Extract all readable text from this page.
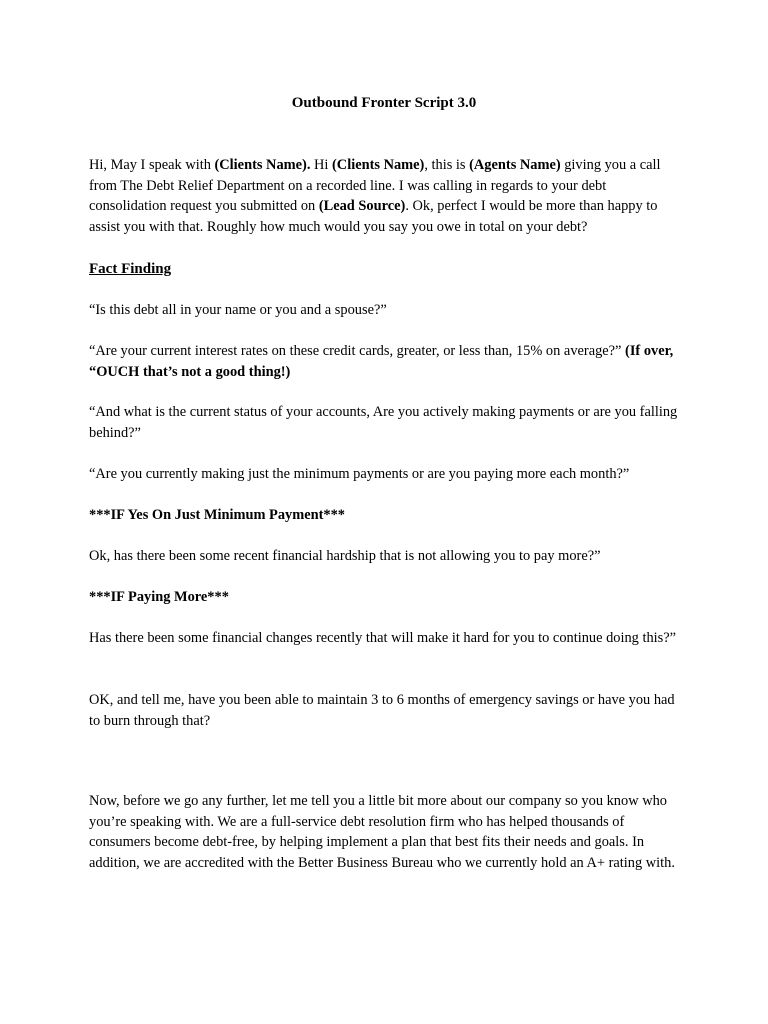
Outbound Fronter Script 3.0

Hi, May I speak with (Clients Name). Hi (Clients Name), this is (Agents Name) giving you a call from The Debt Relief Department on a recorded line. I was calling in regards to your debt consolidation request you submitted on (Lead Source). Ok, perfect I would be more than happy to assist you with that. Roughly how much would you say you owe in total on your debt?

Fact Finding

“Is this debt all in your name or you and a spouse?”

“Are your current interest rates on these credit cards, greater, or less than, 15% on average?” (If over, “OUCH that’s not a good thing!)

“And what is the current status of your accounts, Are you actively making payments or are you falling behind?”

“Are you currently making just the minimum payments or are you paying more each month?”

***IF Yes On Just Minimum Payment***

Ok, has there been some recent financial hardship that is not allowing you to pay more?”

***IF Paying More***

Has there been some financial changes recently that will make it hard for you to continue doing this?”

OK, and tell me, have you been able to maintain 3 to 6 months of emergency savings or have you had to burn through that?

Now, before we go any further, let me tell you a little bit more about our company so you know who you’re speaking with. We are a full-service debt resolution firm who has helped thousands of consumers become debt-free, by helping implement a plan that best fits their needs and goals. In addition, we are accredited with the Better Business Bureau who we currently hold an A+ rating with.
